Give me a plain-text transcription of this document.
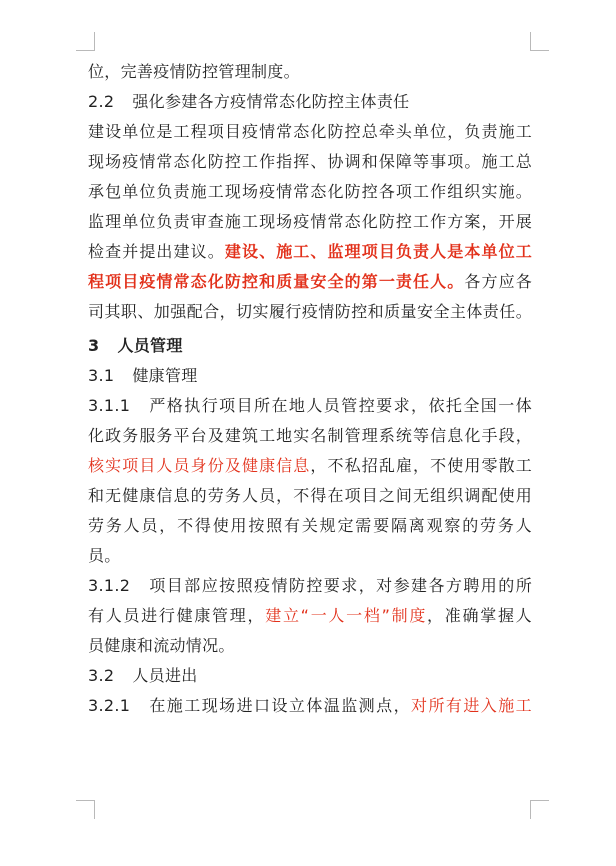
位，完善疫情防控管理制度。
2.2 强化参建各方疫情常态化防控主体责任
建设单位是工程项目疫情常态化防控总牵头单位，负责施工
现场疫情常态化防控工作指挥、协调和保障等事项。施工总
承包单位负责施工现场疫情常态化防控各项工作组织实施。
监理单位负责审查施工现场疫情常态化防控工作方案，开展
检查并提出建议。建设、施工、监理项目负责人是本单位工
程项目疫情常态化防控和质量安全的第一责任人。各方应各
司其职、加强配合，切实履行疫情防控和质量安全主体责任。
3 人员管理
3.1 健康管理
3.1.1 严格执行项目所在地人员管控要求，依托全国一体
化政务服务平台及建筑工地实名制管理系统等信息化手段，
核实项目人员身份及健康信息，不私招乱雇，不使用零散工
和无健康信息的劳务人员，不得在项目之间无组织调配使用
劳务人员，不得使用按照有关规定需要隔离观察的劳务人
员。
3.1.2 项目部应按照疫情防控要求，对参建各方聘用的所
有人员进行健康管理，建立“一人一档”制度，准确掌握人
员健康和流动情况。
3.2 人员进出
3.2.1 在施工现场进口设立体温监测点，对所有进入施工
